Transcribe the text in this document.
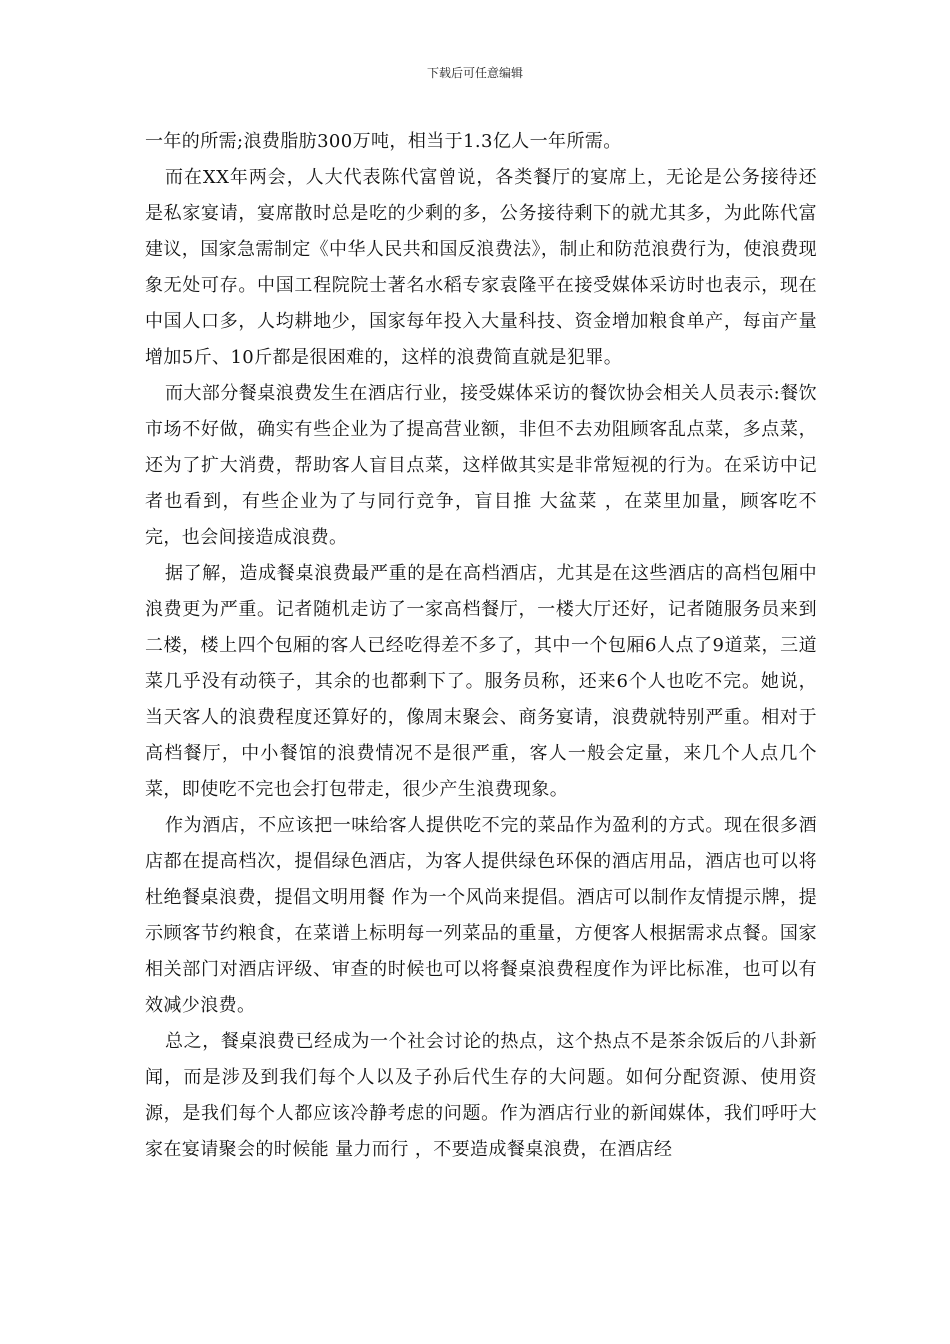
下载后可任意编辑

一年的所需;浪费脂肪300万吨，相当于1.3亿人一年所需。

而在XX年两会，人大代表陈代富曾说，各类餐厅的宴席上，无论是公务接待还是私家宴请，宴席散时总是吃的少剩的多，公务接待剩下的就尤其多，为此陈代富建议，国家急需制定《中华人民共和国反浪费法》，制止和防范浪费行为，使浪费现象无处可存。中国工程院院士著名水稻专家袁隆平在接受媒体采访时也表示，现在中国人口多，人均耕地少，国家每年投入大量科技、资金增加粮食单产，每亩产量增加5斤、10斤都是很困难的，这样的浪费简直就是犯罪。

而大部分餐桌浪费发生在酒店行业，接受媒体采访的餐饮协会相关人员表示:餐饮市场不好做，确实有些企业为了提高营业额，非但不去劝阻顾客乱点菜，多点菜，还为了扩大消费，帮助客人盲目点菜，这样做其实是非常短视的行为。在采访中记者也看到，有些企业为了与同行竞争，盲目推 大盆菜 ，在菜里加量，顾客吃不完，也会间接造成浪费。

据了解，造成餐桌浪费最严重的是在高档酒店，尤其是在这些酒店的高档包厢中浪费更为严重。记者随机走访了一家高档餐厅，一楼大厅还好，记者随服务员来到二楼，楼上四个包厢的客人已经吃得差不多了，其中一个包厢6人点了9道菜，三道菜几乎没有动筷子，其余的也都剩下了。服务员称，还来6个人也吃不完。她说，当天客人的浪费程度还算好的，像周末聚会、商务宴请，浪费就特别严重。相对于高档餐厅，中小餐馆的浪费情况不是很严重，客人一般会定量，来几个人点几个菜，即使吃不完也会打包带走，很少产生浪费现象。

作为酒店，不应该把一味给客人提供吃不完的菜品作为盈利的方式。现在很多酒店都在提高档次，提倡绿色酒店，为客人提供绿色环保的酒店用品，酒店也可以将 杜绝餐桌浪费，提倡文明用餐 作为一个风尚来提倡。酒店可以制作友情提示牌，提示顾客节约粮食，在菜谱上标明每一列菜品的重量，方便客人根据需求点餐。国家相关部门对酒店评级、审查的时候也可以将餐桌浪费程度作为评比标准，也可以有效减少浪费。

总之，餐桌浪费已经成为一个社会讨论的热点，这个热点不是茶余饭后的八卦新闻，而是涉及到我们每个人以及子孙后代生存的大问题。如何分配资源、使用资源，是我们每个人都应该冷静考虑的问题。作为酒店行业的新闻媒体，我们呼吁大家在宴请聚会的时候能 量力而行 ，不要造成餐桌浪费，在酒店经
